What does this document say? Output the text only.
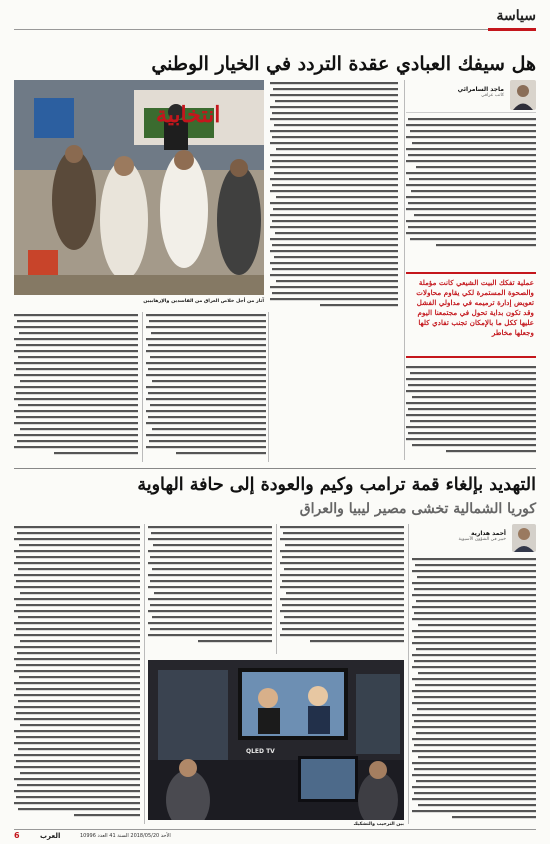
سياسة
هل سيفك العبادي عقدة التردد في الخيار الوطني
ماجد السامرائي
كاتب عراقي
عملية تفكك البيت الشيعي كانت مؤملة والصحوة المستمرة لكي يقاوم محاولات تعويض إدارة ترميمه في مداولي الفشل وقد تكون بداية تحول في مجتمعنا اليوم عليها ككل ما بالإمكان تجنب تفادي كلها وجعلها مخاطر
انتخابية
آثار من أجل خلاص العراق من الفاسدين والإرهابيين
التهديد بإلغاء قمة ترامب وكيم والعودة إلى حافة الهاوية
كوريا الشمالية تخشى مصير ليبيا والعراق
أحمد هدارية
خبير في الشؤون الآسيوية
QLED TV
بين الترحيب والتشكيك
6	العرب	الأحد 2018/05/20 السنة 41 العدد 10996
